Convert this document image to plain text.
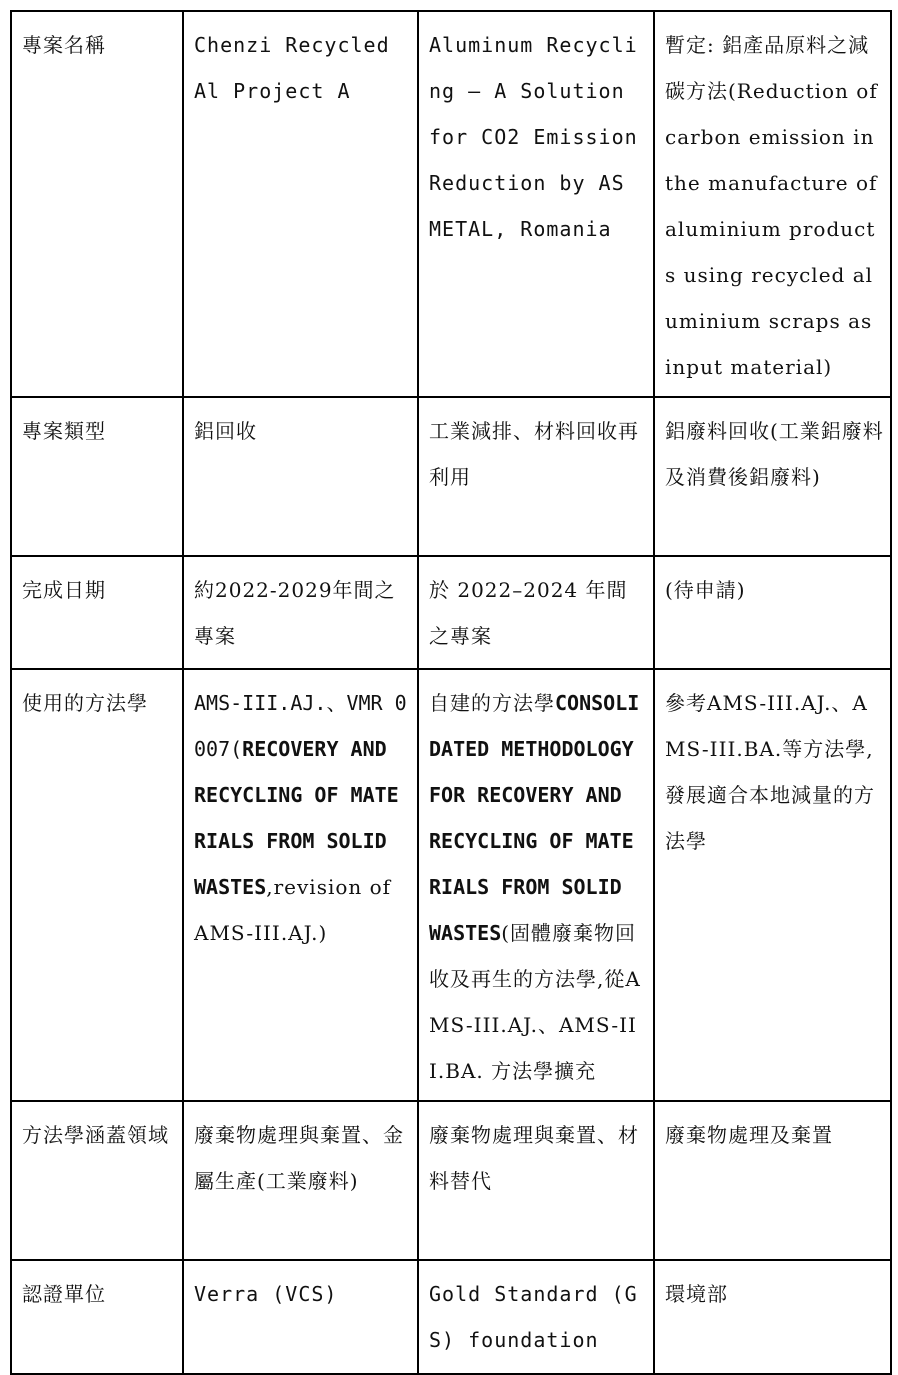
專案名稱	Chenzi Recycled Al Project A	Aluminum Recycling – A Solution for CO2 Emission Reduction by AS METAL, Romania	暫定: 鋁產品原料之減碳方法(Reduction of carbon emission in the manufacture of aluminium products using recycled aluminium scraps as input material)
專案類型	鋁回收	工業減排、材料回收再利用	鋁廢料回收(工業鋁廢料及消費後鋁廢料)
完成日期	約2022-2029年間之專案	於 2022–2024 年間之專案	(待申請)
使用的方法學	AMS-III.AJ.、VMR 0007(RECOVERY AND RECYCLING OF MATERIALS FROM SOLID WASTES,revision of AMS-III.AJ.)	自建的方法學CONSOLIDATED METHODOLOGY FOR RECOVERY AND RECYCLING OF MATERIALS FROM SOLID WASTES(固體廢棄物回收及再生的方法學,從AMS-III.AJ.、AMS-III.BA. 方法學擴充	參考AMS-III.AJ.、AMS-III.BA.等方法學,發展適合本地減量的方法學
方法學涵蓋領域	廢棄物處理與棄置、金屬生產(工業廢料)	廢棄物處理與棄置、材料替代	廢棄物處理及棄置
認證單位	Verra (VCS)	Gold Standard (GS) foundation	環境部
